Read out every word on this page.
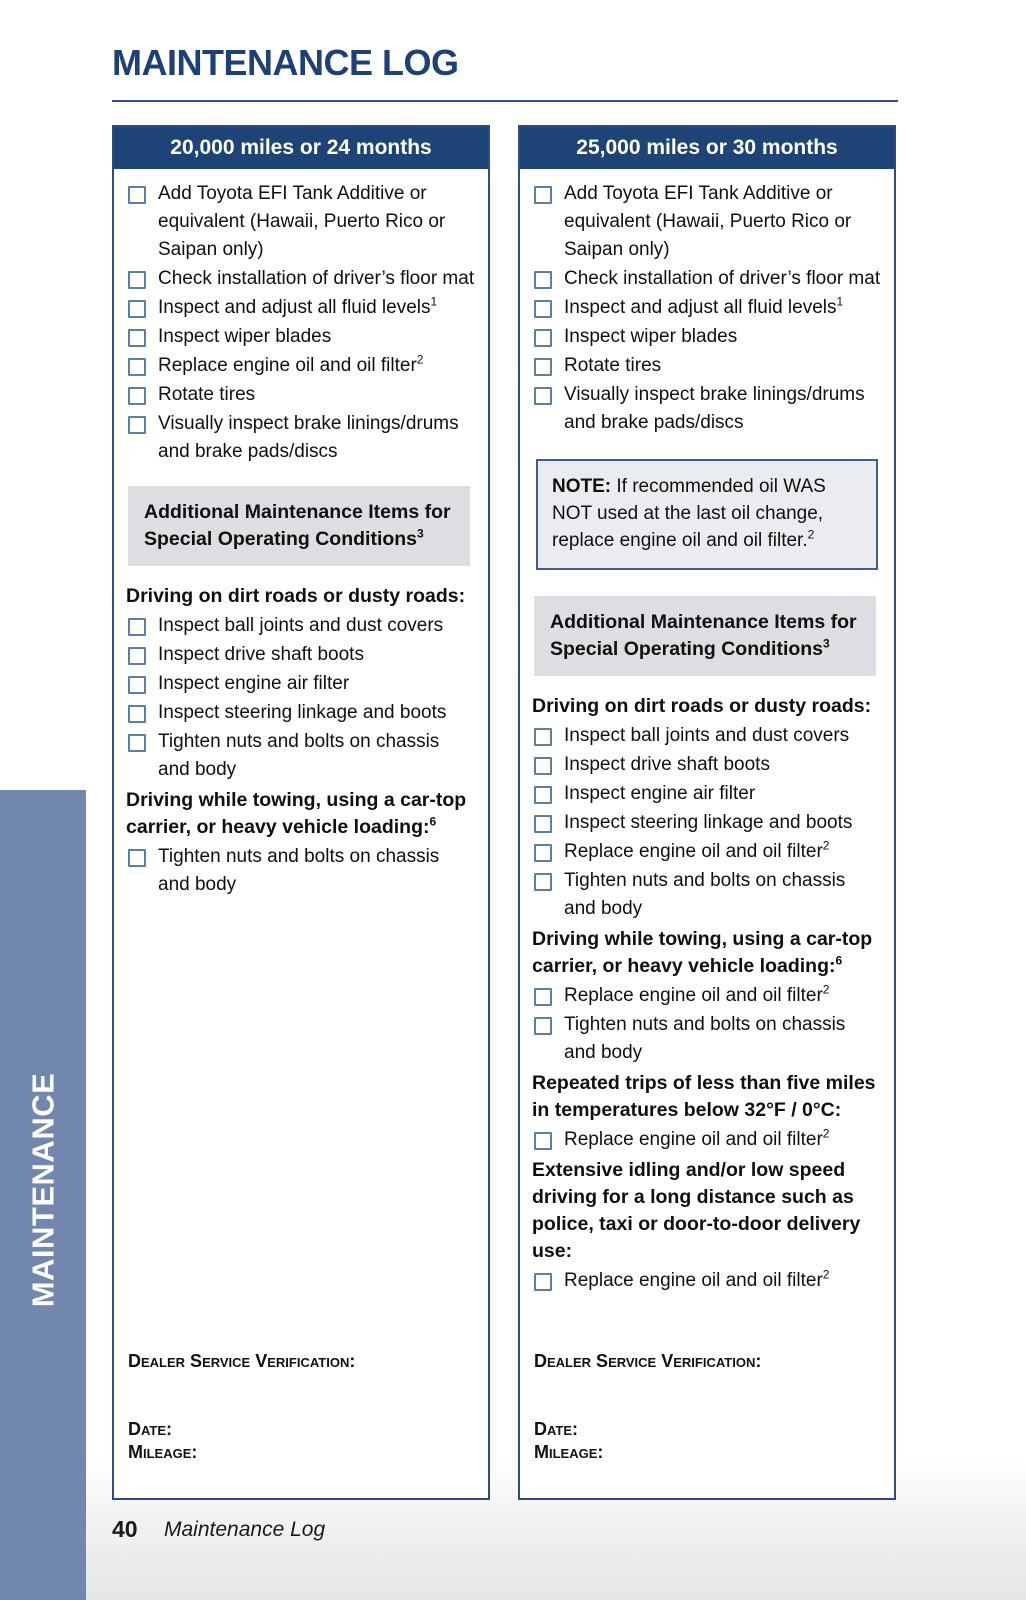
MAINTENANCE
MAINTENANCE LOG
20,000 miles or 24 months
Add Toyota EFI Tank Additive or equivalent (Hawaii, Puerto Rico or Saipan only)
Check installation of driver’s floor mat
Inspect and adjust all fluid levels$^1$
Inspect wiper blades
Replace engine oil and oil filter$^2$
Rotate tires
Visually inspect brake linings/drums and brake pads/discs
Additional Maintenance Items for Special Operating Conditions$^3$
Driving on dirt roads or dusty roads:
Inspect ball joints and dust covers
Inspect drive shaft boots
Inspect engine air filter
Inspect steering linkage and boots
Tighten nuts and bolts on chassis and body
Driving while towing, using a car-top carrier, or heavy vehicle loading:$^6$
Tighten nuts and bolts on chassis and body
Dealer Service Verification:
Date:
Mileage:
25,000 miles or 30 months
Add Toyota EFI Tank Additive or equivalent (Hawaii, Puerto Rico or Saipan only)
Check installation of driver’s floor mat
Inspect and adjust all fluid levels$^1$
Inspect wiper blades
Rotate tires
Visually inspect brake linings/drums and brake pads/discs
NOTE: If recommended oil WAS NOT used at the last oil change, replace engine oil and oil filter.$^2$
Additional Maintenance Items for Special Operating Conditions$^3$
Driving on dirt roads or dusty roads:
Inspect ball joints and dust covers
Inspect drive shaft boots
Inspect engine air filter
Inspect steering linkage and boots
Replace engine oil and oil filter$^2$
Tighten nuts and bolts on chassis and body
Driving while towing, using a car-top carrier, or heavy vehicle loading:$^6$
Replace engine oil and oil filter$^2$
Tighten nuts and bolts on chassis and body
Repeated trips of less than five miles in temperatures below 32°F / 0°C:
Replace engine oil and oil filter$^2$
Extensive idling and/or low speed driving for a long distance such as police, taxi or door-to-door delivery use:
Replace engine oil and oil filter$^2$
Dealer Service Verification:
Date:
Mileage:
40 Maintenance Log
